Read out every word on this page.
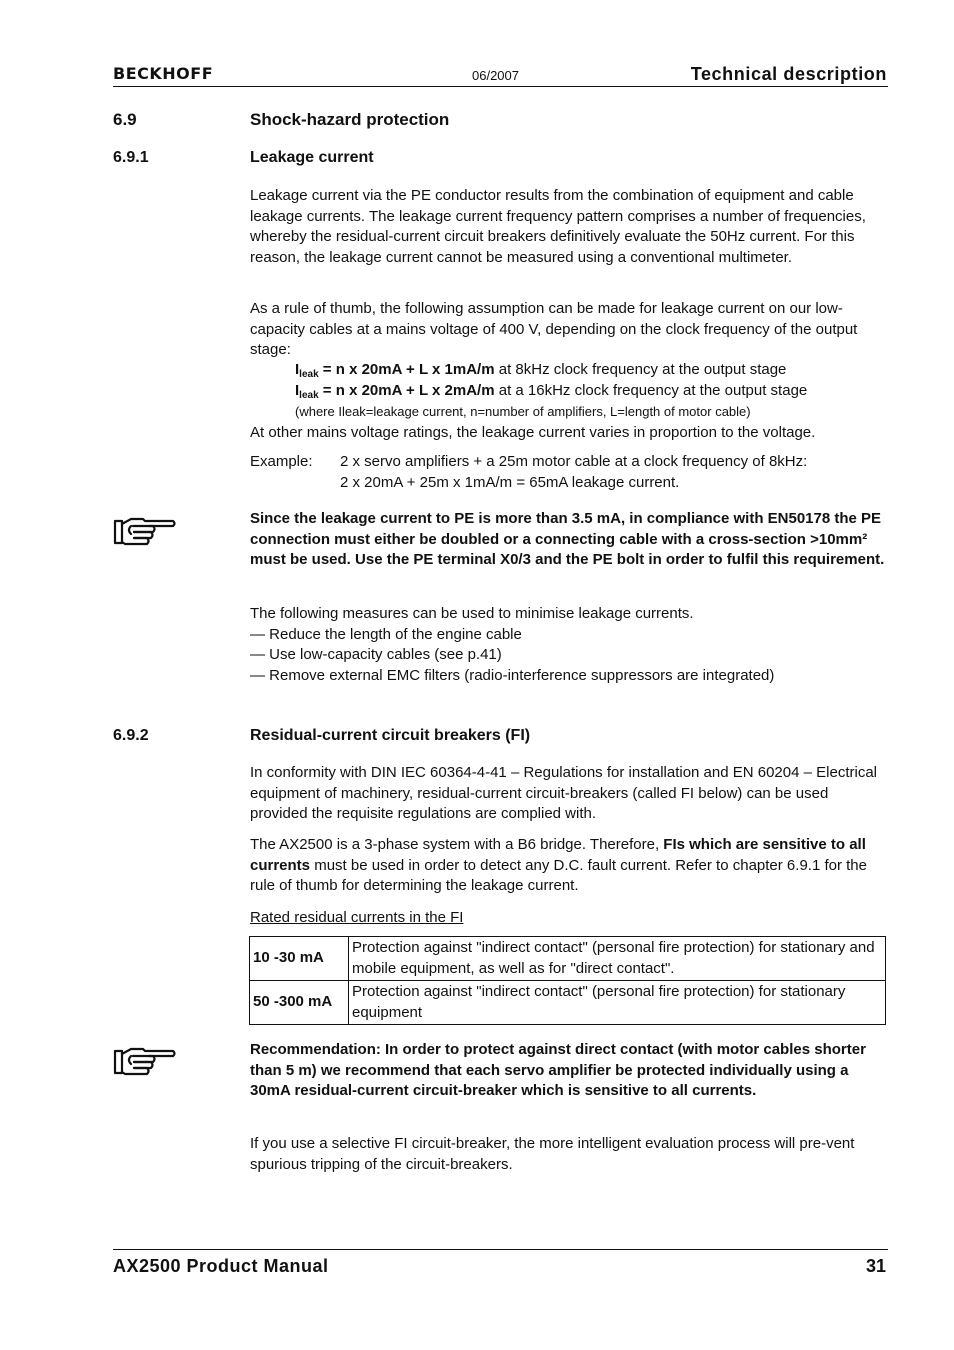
BECKHOFF	06/2007	Technical description
6.9	Shock-hazard protection
6.9.1	Leakage current

Leakage current via the PE conductor results from the combination of equipment and cable leakage currents. The leakage current frequency pattern comprises a number of frequencies, whereby the residual-current circuit breakers definitively evaluate the 50Hz current. For this reason, the leakage current cannot be measured using a conventional multimeter.

As a rule of thumb, the following assumption can be made for leakage current on our low-capacity cables at a mains voltage of 400 V, depending on the clock frequency of the output stage:

$I_{leak} = n$ x 20mA + L x 1mA/m at 8kHz clock frequency at the output stage
$I_{leak} = n$ x 20mA + L x 2mA/m at a 16kHz clock frequency at the output stage
(where Ileak=leakage current, n=number of amplifiers, L=length of motor cable)

At other mains voltage ratings, the leakage current varies in proportion to the voltage.

Example: 2 x servo amplifiers + a 25m motor cable at a clock frequency of 8kHz:
2 x 20mA + 25m x 1mA/m = 65mA leakage current.

Since the leakage current to PE is more than 3.5 mA, in compliance with EN50178 the PE connection must either be doubled or a connecting cable with a cross-section >10mm² must be used. Use the PE terminal X0/3 and the PE bolt in order to fulfil this requirement.

The following measures can be used to minimise leakage currents.

— Reduce the length of the engine cable

— Use low-capacity cables (see p.41)

— Remove external EMC filters (radio-interference suppressors are integrated)

6.9.2	Residual-current circuit breakers (FI)

In conformity with DIN IEC 60364-4-41 – Regulations for installation and EN 60204 – Electrical equipment of machinery, residual-current circuit-breakers (called FI below) can be used provided the requisite regulations are complied with.

The AX2500 is a 3-phase system with a B6 bridge. Therefore, FIs which are sensitive to all currents must be used in order to detect any D.C. fault current. Refer to chapter 6.9.1 for the rule of thumb for determining the leakage current.

Rated residual currents in the FI

10 -30 mA	Protection against "indirect contact" (personal fire protection) for stationary and mobile equipment, as well as for "direct contact".
50 -300 mA	Protection against "indirect contact" (personal fire protection) for stationary equipment

Recommendation: In order to protect against direct contact (with motor cables shorter than 5 m) we recommend that each servo amplifier be protected individually using a 30mA residual-current circuit-breaker which is sensitive to all currents.

If you use a selective FI circuit-breaker, the more intelligent evaluation process will pre-vent spurious tripping of the circuit-breakers.

AX2500 Product Manual	31
